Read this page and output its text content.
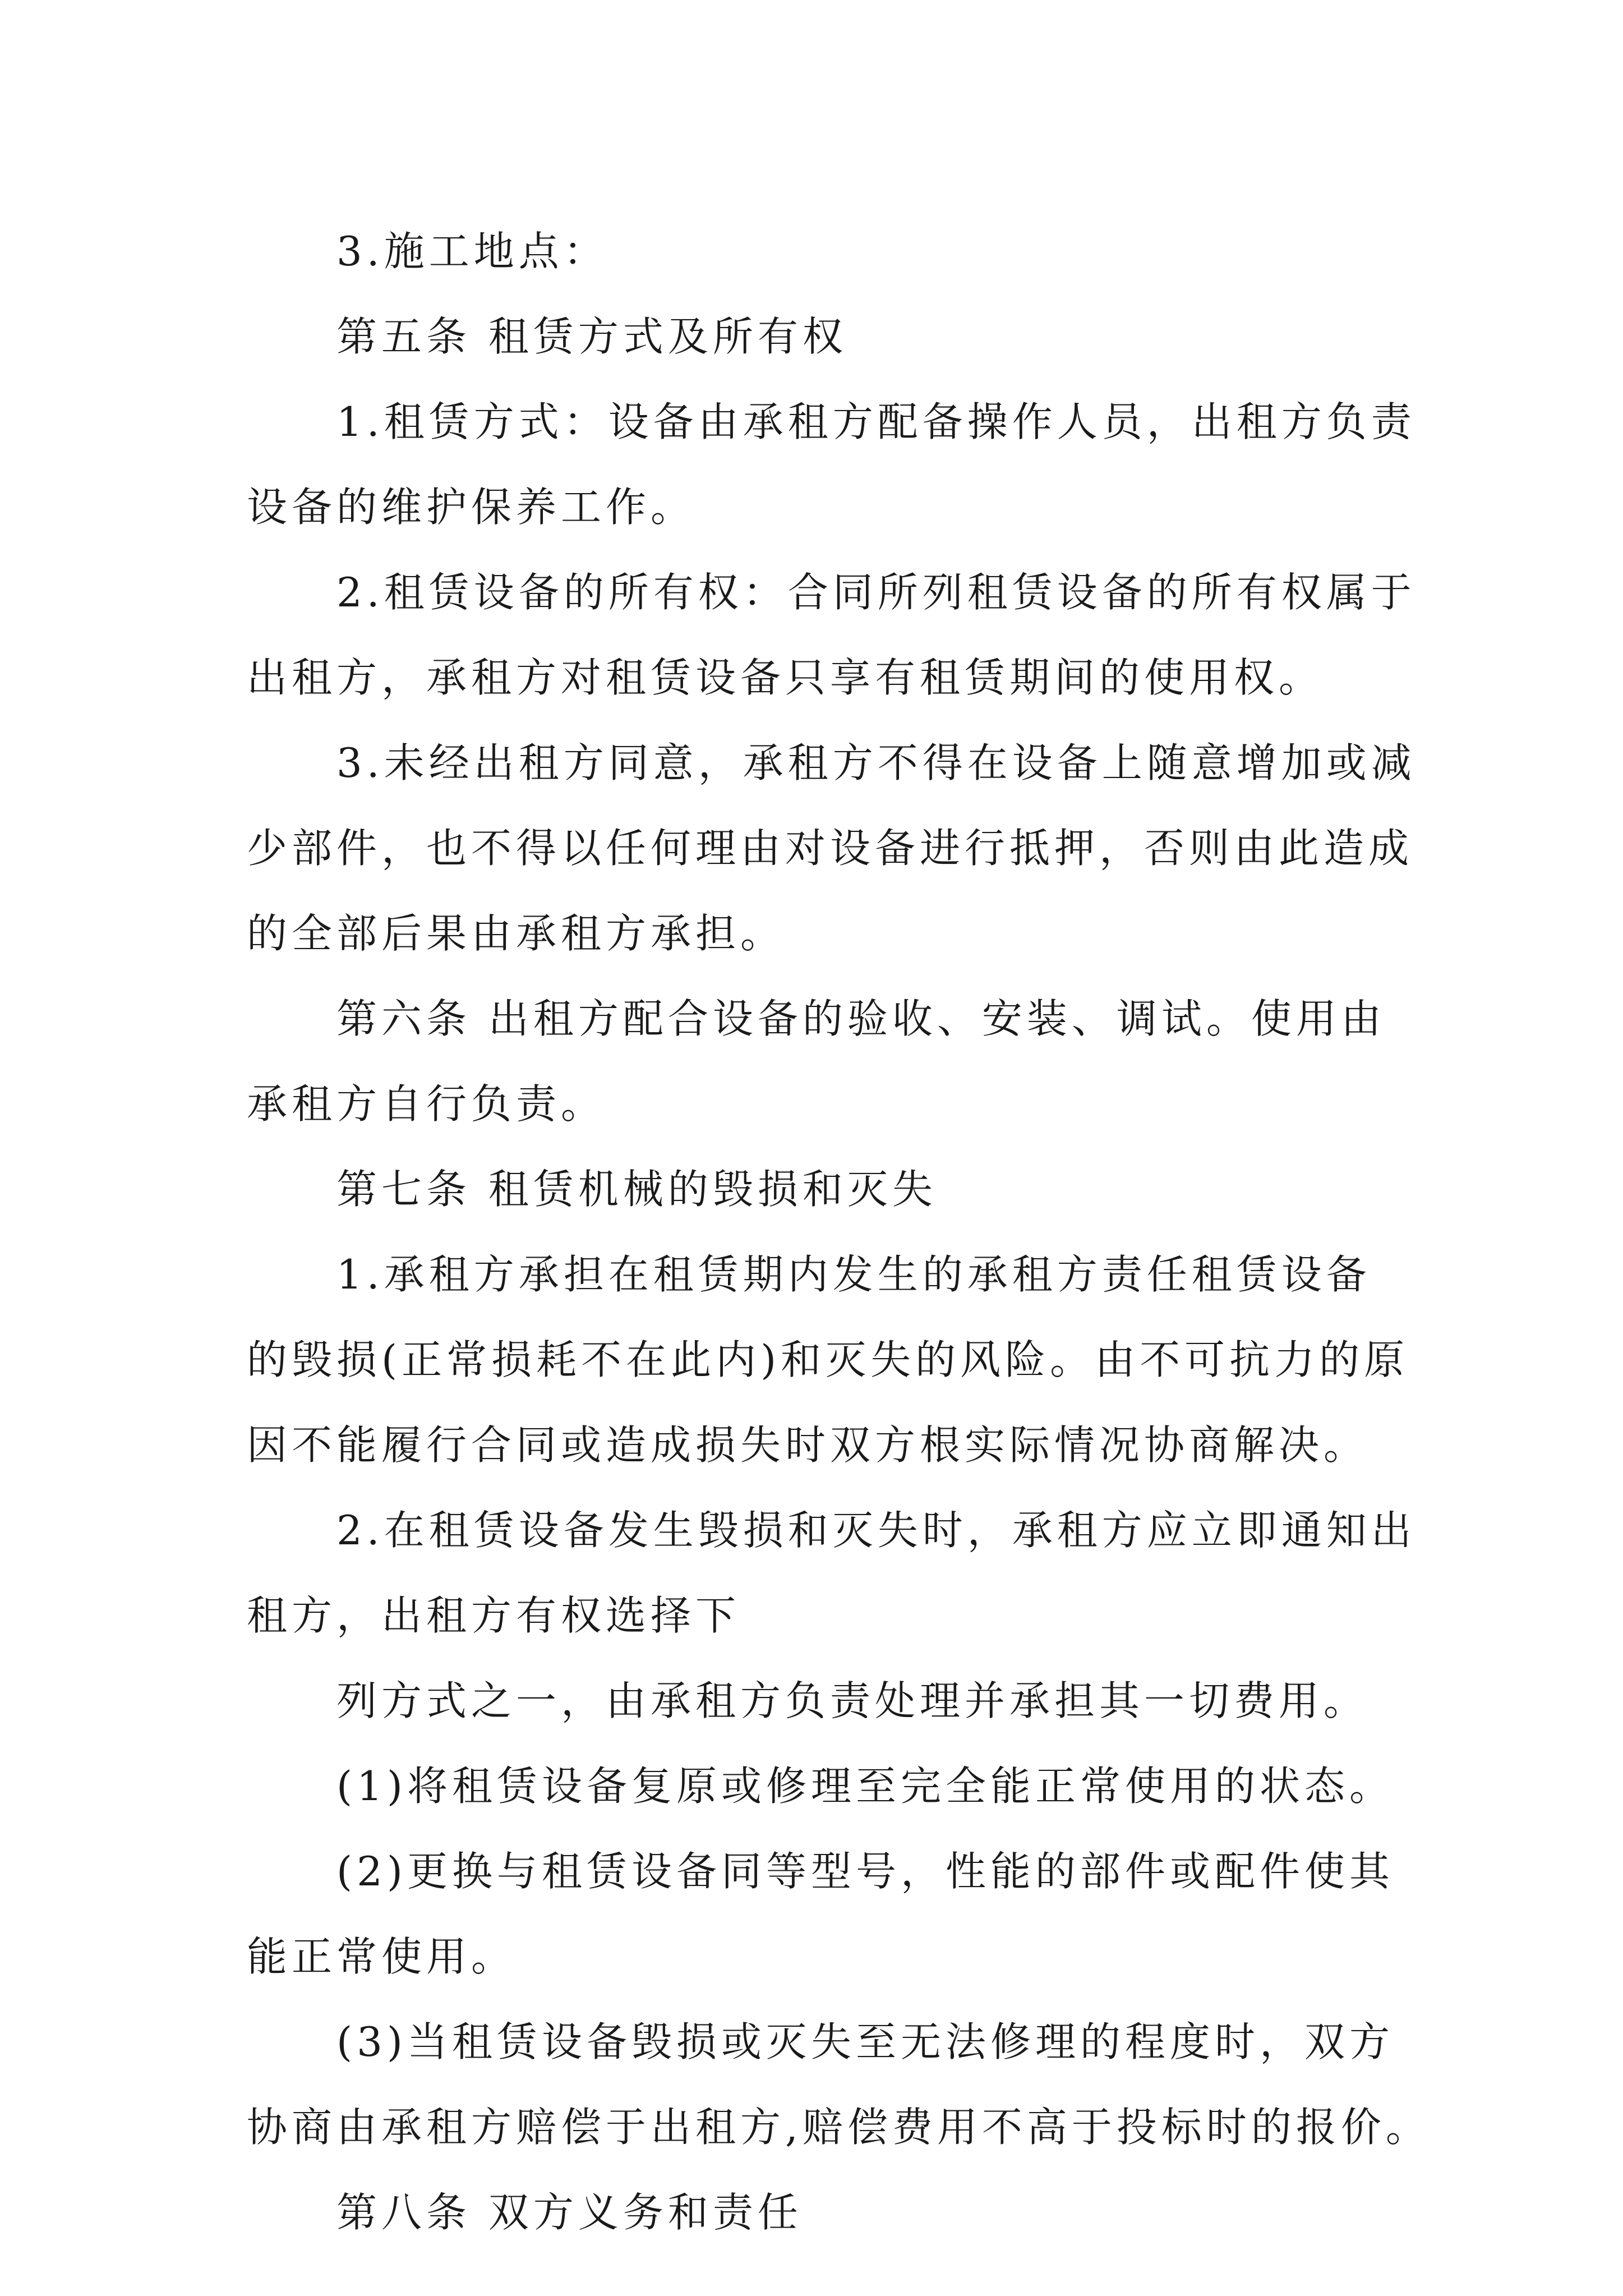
3.施工地点：

第五条 租赁方式及所有权

1.租赁方式：设备由承租方配备操作人员，出租方负责

设备的维护保养工作。

2.租赁设备的所有权：合同所列租赁设备的所有权属于

出租方，承租方对租赁设备只享有租赁期间的使用权。

3.未经出租方同意，承租方不得在设备上随意增加或减

少部件，也不得以任何理由对设备进行抵押，否则由此造成

的全部后果由承租方承担。

第六条 出租方配合设备的验收、安装、调试。使用由

承租方自行负责。

第七条 租赁机械的毁损和灭失

1.承租方承担在租赁期内发生的承租方责任租赁设备

的毁损(正常损耗不在此内)和灭失的风险。由不可抗力的原

因不能履行合同或造成损失时双方根实际情况协商解决。

2.在租赁设备发生毁损和灭失时，承租方应立即通知出

租方，出租方有权选择下

列方式之一，由承租方负责处理并承担其一切费用。

(1)将租赁设备复原或修理至完全能正常使用的状态。

(2)更换与租赁设备同等型号，性能的部件或配件使其

能正常使用。

(3)当租赁设备毁损或灭失至无法修理的程度时，双方

协商由承租方赔偿于出租方,赔偿费用不高于投标时的报价。

第八条 双方义务和责任
